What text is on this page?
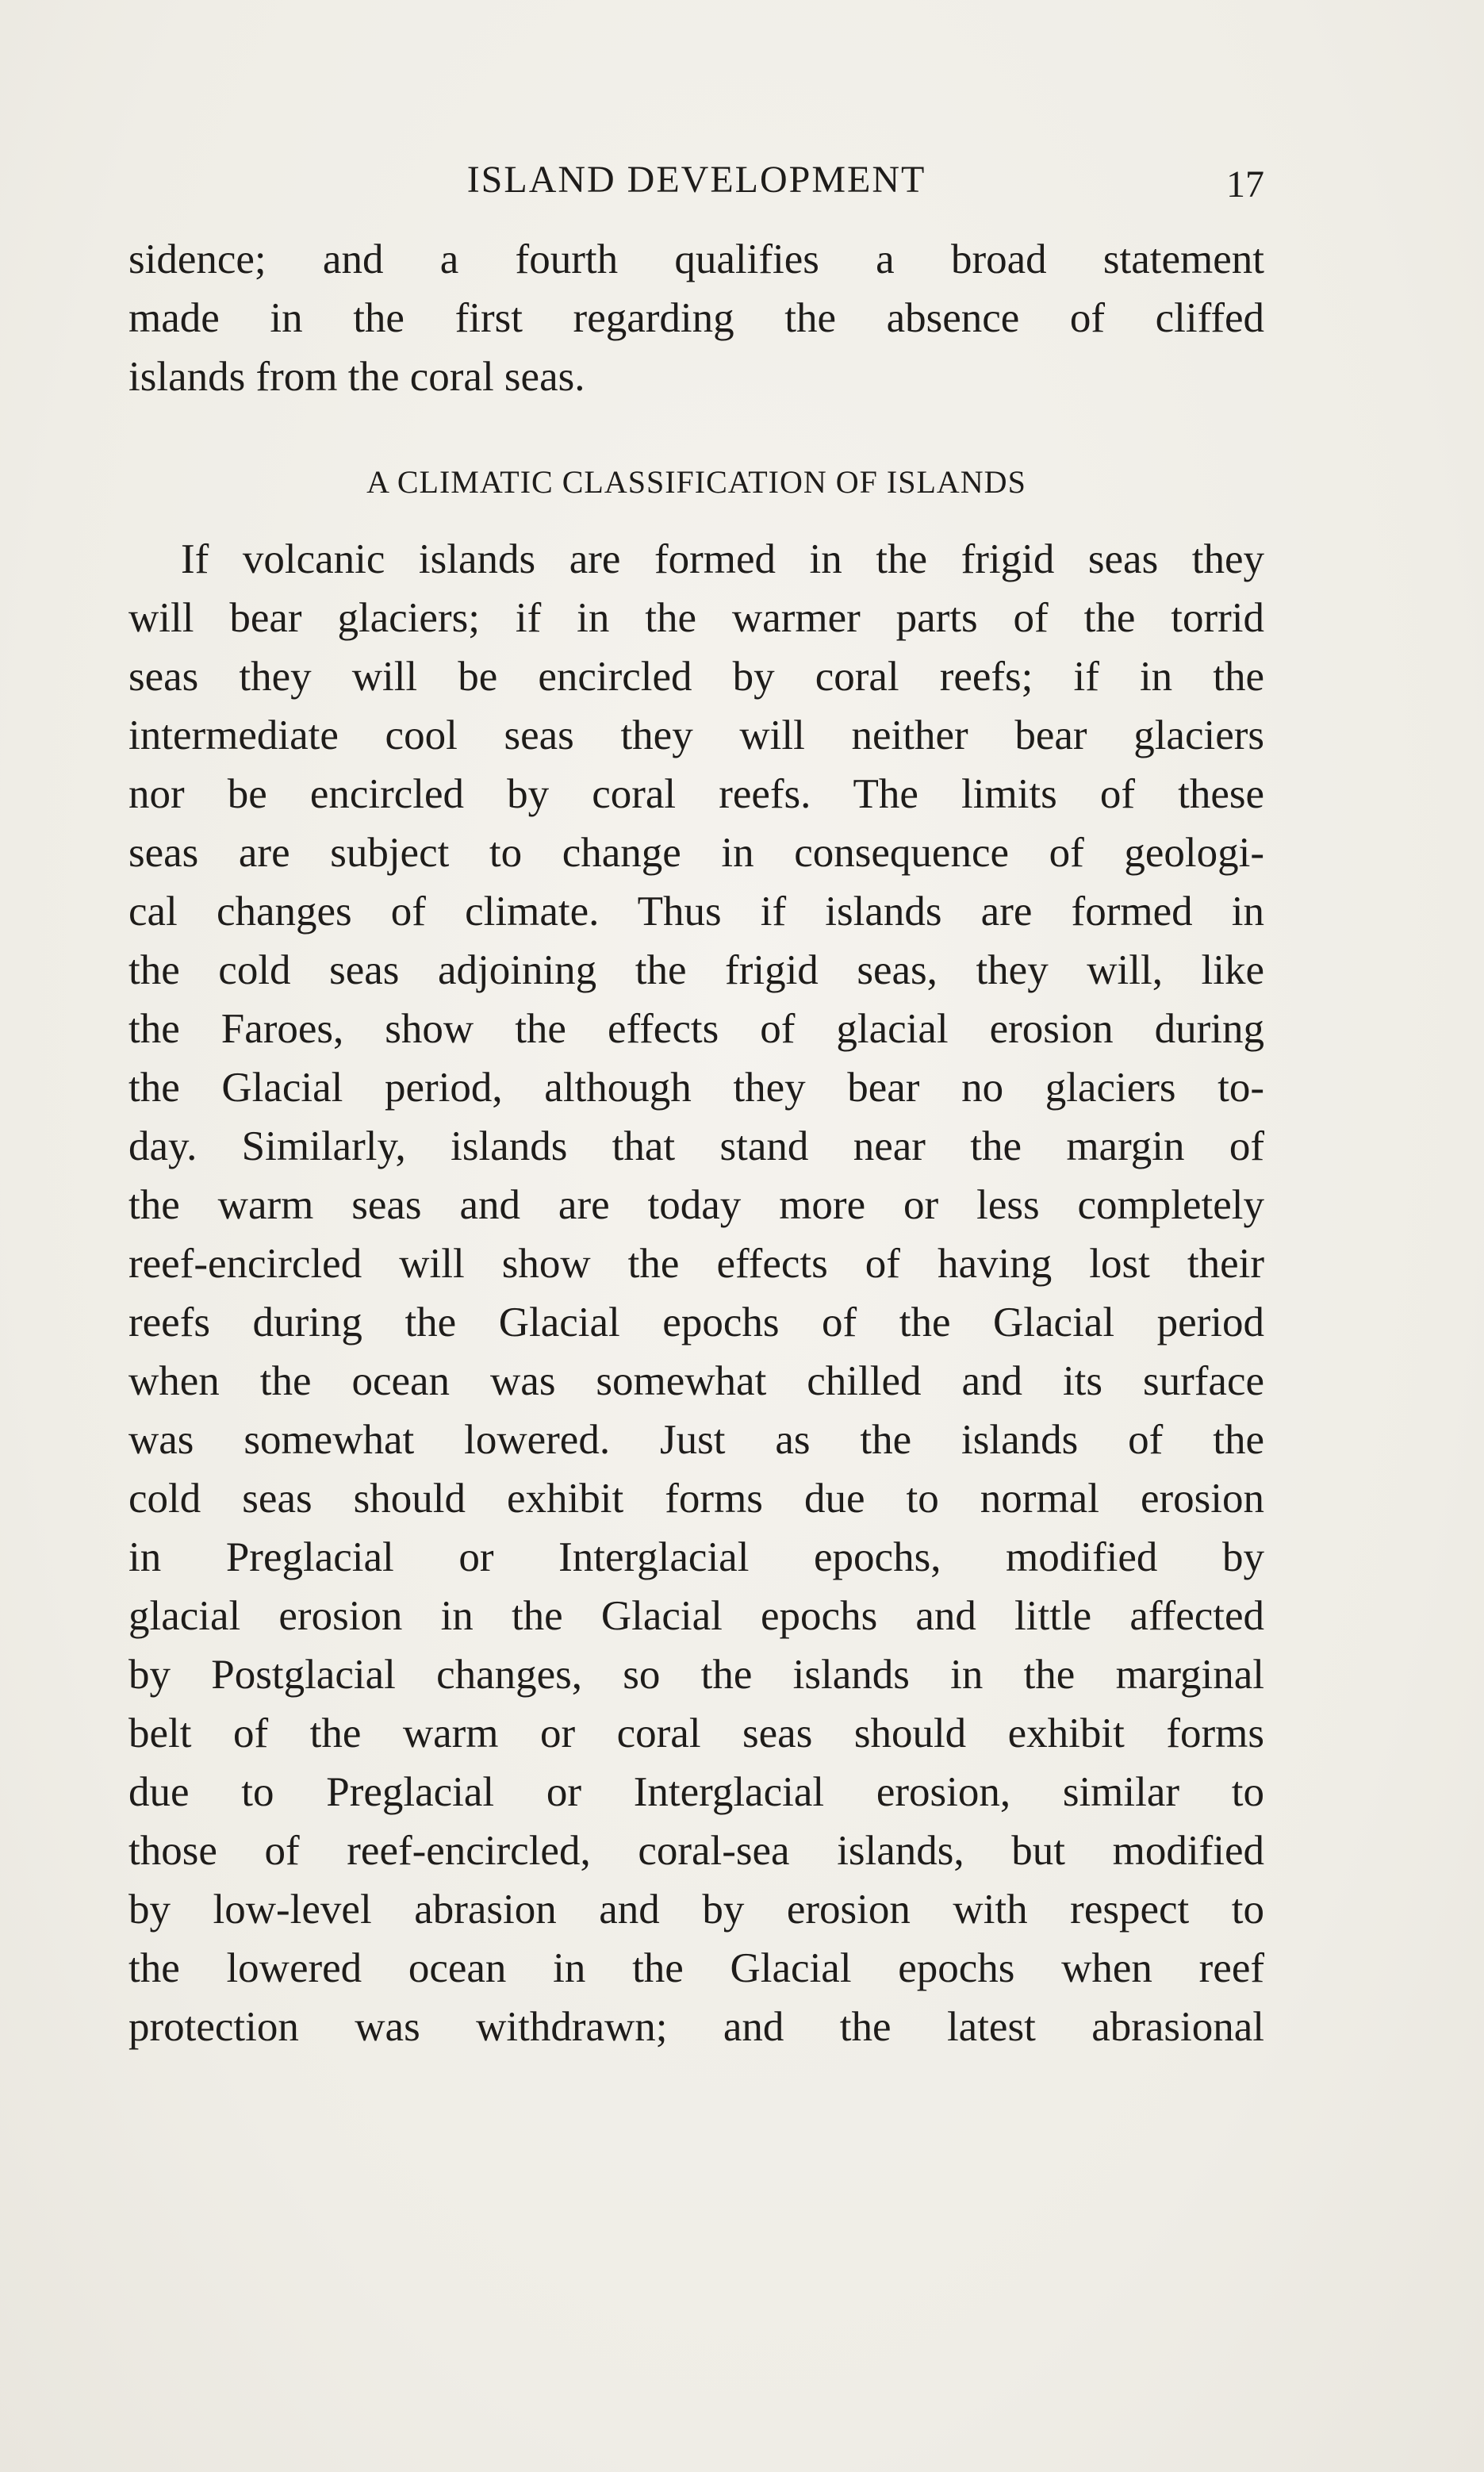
ISLAND DEVELOPMENT	17
sidence; and a fourth qualifies a broad statement
made in the first regarding the absence of cliffed
islands from the coral seas.
A CLIMATIC CLASSIFICATION OF ISLANDS
If volcanic islands are formed in the frigid seas they
will bear glaciers; if in the warmer parts of the torrid
seas they will be encircled by coral reefs; if in the
intermediate cool seas they will neither bear glaciers
nor be encircled by coral reefs. The limits of these
seas are subject to change in consequence of geologi-
cal changes of climate. Thus if islands are formed in
the cold seas adjoining the frigid seas, they will, like
the Faroes, show the effects of glacial erosion during
the Glacial period, although they bear no glaciers to-
day. Similarly, islands that stand near the margin of
the warm seas and are today more or less completely
reef-encircled will show the effects of having lost their
reefs during the Glacial epochs of the Glacial period
when the ocean was somewhat chilled and its surface
was somewhat lowered. Just as the islands of the
cold seas should exhibit forms due to normal erosion
in Preglacial or Interglacial epochs, modified by
glacial erosion in the Glacial epochs and little affected
by Postglacial changes, so the islands in the marginal
belt of the warm or coral seas should exhibit forms
due to Preglacial or Interglacial erosion, similar to
those of reef-encircled, coral-sea islands, but modified
by low-level abrasion and by erosion with respect to
the lowered ocean in the Glacial epochs when reef
protection was withdrawn; and the latest abrasional
